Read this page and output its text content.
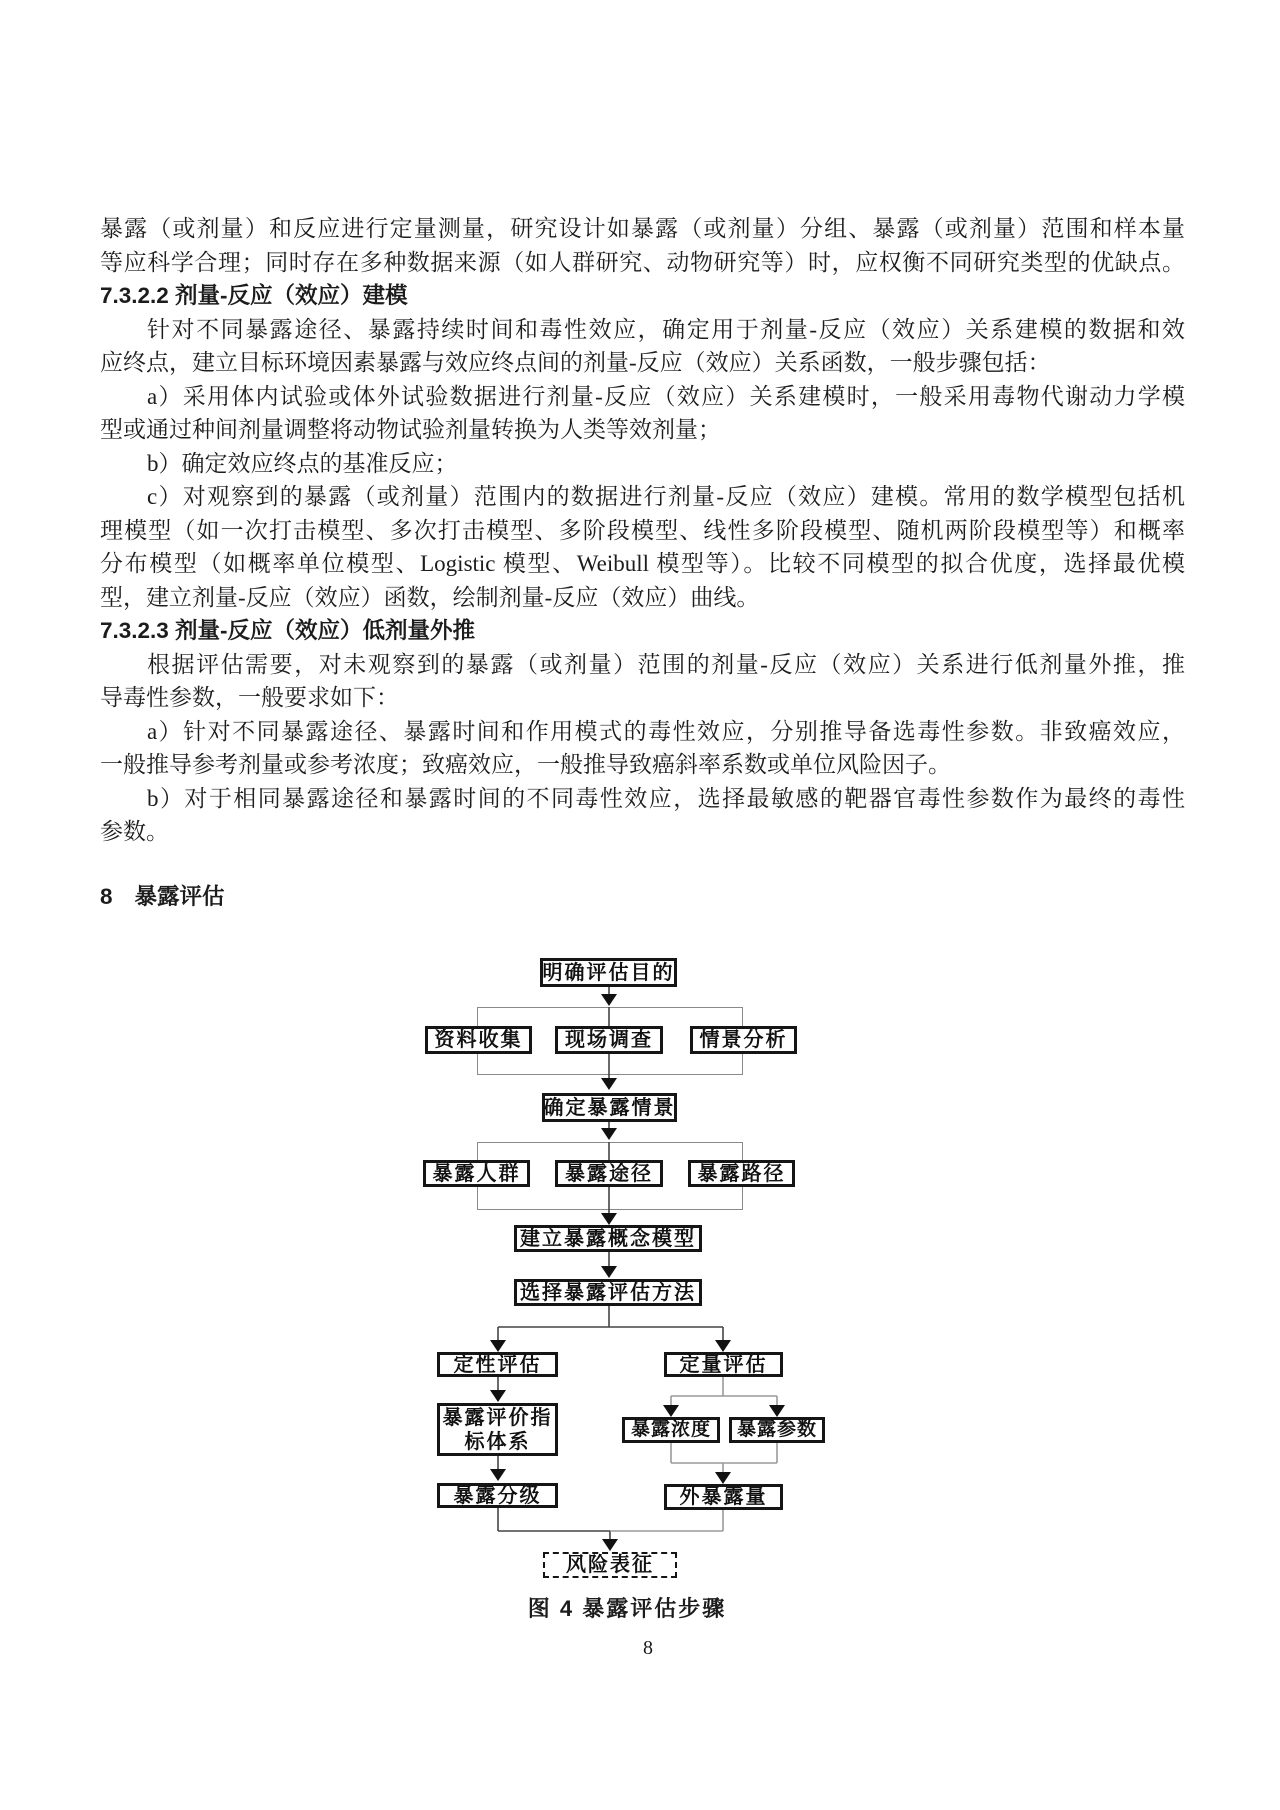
暴露（或剂量）和反应进行定量测量，研究设计如暴露（或剂量）分组、暴露（或剂量）范围和样本量
等应科学合理；同时存在多种数据来源（如人群研究、动物研究等）时，应权衡不同研究类型的优缺点。
7.3.2.2 剂量-反应（效应）建模
针对不同暴露途径、暴露持续时间和毒性效应，确定用于剂量-反应（效应）关系建模的数据和效
应终点，建立目标环境因素暴露与效应终点间的剂量-反应（效应）关系函数，一般步骤包括：
a）采用体内试验或体外试验数据进行剂量-反应（效应）关系建模时，一般采用毒物代谢动力学模
型或通过种间剂量调整将动物试验剂量转换为人类等效剂量；
b）确定效应终点的基准反应；
c）对观察到的暴露（或剂量）范围内的数据进行剂量-反应（效应）建模。常用的数学模型包括机
理模型（如一次打击模型、多次打击模型、多阶段模型、线性多阶段模型、随机两阶段模型等）和概率
分布模型（如概率单位模型、Logistic 模型、Weibull 模型等）。比较不同模型的拟合优度，选择最优模
型，建立剂量-反应（效应）函数，绘制剂量-反应（效应）曲线。
7.3.2.3 剂量-反应（效应）低剂量外推
根据评估需要，对未观察到的暴露（或剂量）范围的剂量-反应（效应）关系进行低剂量外推，推
导毒性参数，一般要求如下：
a）针对不同暴露途径、暴露时间和作用模式的毒性效应，分别推导备选毒性参数。非致癌效应，
一般推导参考剂量或参考浓度；致癌效应，一般推导致癌斜率系数或单位风险因子。
b）对于相同暴露途径和暴露时间的不同毒性效应，选择最敏感的靶器官毒性参数作为最终的毒性
参数。
8 暴露评估
明确评估目的
资料收集 现场调查 情景分析
确定暴露情景
暴露人群 暴露途径 暴露路径
建立暴露概念模型
选择暴露评估方法
定性评估	定量评估
暴露评价指
标体系
暴露浓度 暴露参数
暴露分级	外暴露量
风险表征
图 4 暴露评估步骤
8
